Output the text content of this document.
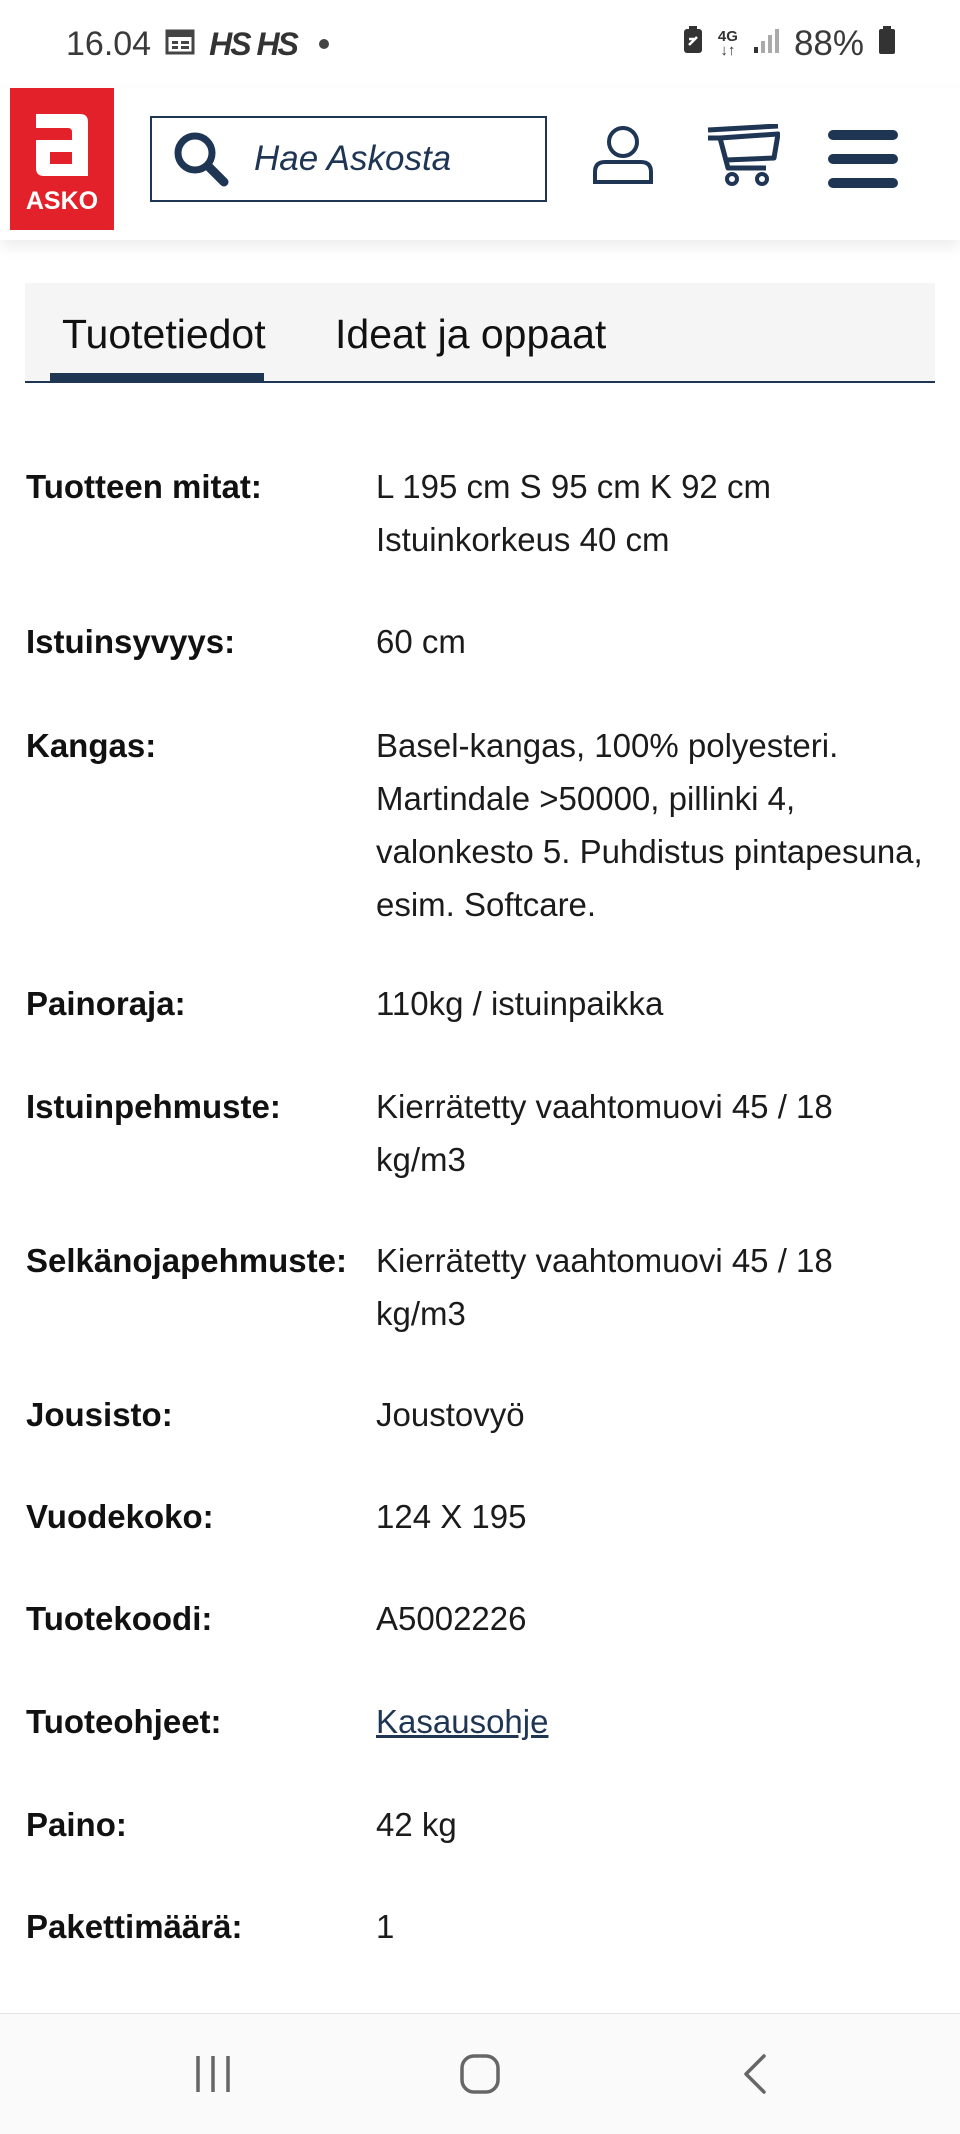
16.04 HS HS	4G
↓↑ 88%
ASKO
Hae Askosta
Tuotetiedot Ideat ja oppaat
Tuotteen mitat:	L 195 cm S 95 cm K 92 cm
Istuinkorkeus 40 cm
Istuinsyvyys:	60 cm
Kangas:	Basel-kangas, 100% polyesteri.
Martindale >50000, pillinki 4,
valonkesto 5. Puhdistus pintapesuna,
esim. Softcare.
Painoraja:	110kg / istuinpaikka
Istuinpehmuste:	Kierrätetty vaahtomuovi 45 / 18
kg/m3
Selkänojapehmuste: Kierrätetty vaahtomuovi 45 / 18
kg/m3
Jousisto:	Joustovyö
Vuodekoko:	124 X 195
Tuotekoodi:	A5002226
Tuoteohjeet:	Kasausohje
Paino:	42 kg
Pakettimäärä:	1
